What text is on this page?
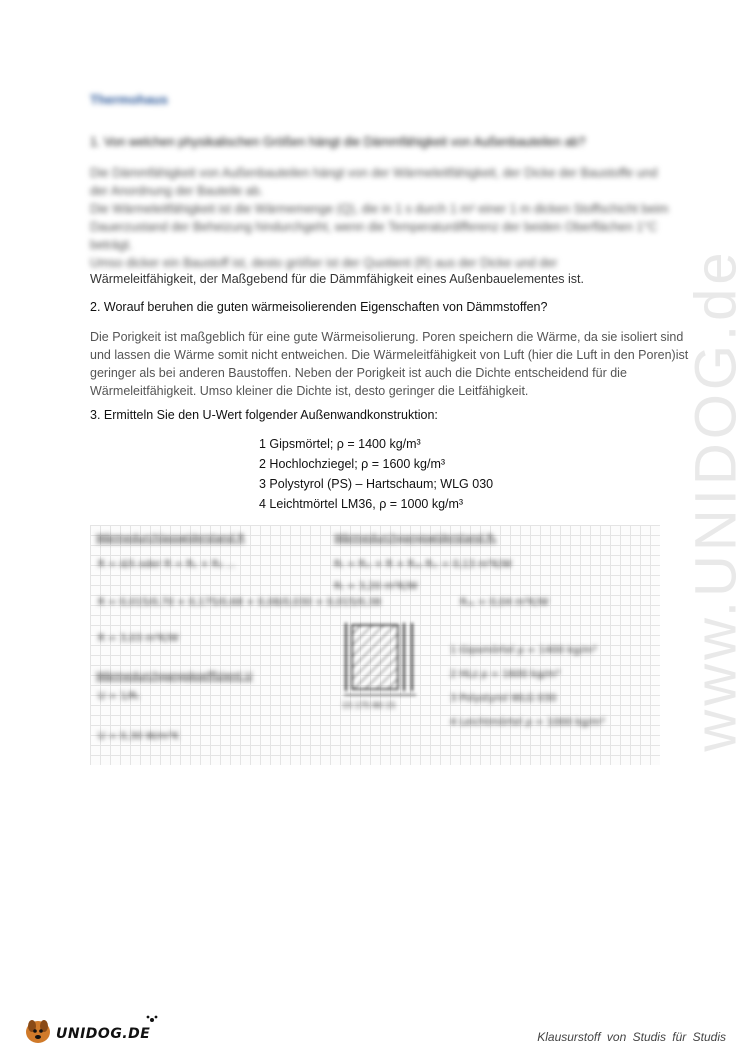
www.UNIDOG.de
Thermohaus
1. Von welchen physikalischen Größen hängt die Dämmfähigkeit von Außenbauteilen ab?

Die Dämmfähigkeit von Außenbauteilen hängt von der Wärmeleitfähigkeit, der Dicke der Baustoffe und der Anordnung der Bauteile ab.

Die Wärmeleitfähigkeit ist die Wärmemenge (Q), die in 1 s durch 1 m² einer 1 m dicken Stoffschicht beim Dauerzustand der Beheizung hindurchgeht, wenn die Temperaturdifferenz der beiden Oberflächen 1°C beträgt.

Umso dicker ein Baustoff ist, desto größer ist der Quotient (R) aus der Dicke und der

Wärmeleitfähigkeit, der Maßgebend für die Dämmfähigkeit eines Außenbauelementes ist.

2. Worauf beruhen die guten wärmeisolierenden Eigenschaften von Dämmstoffen?

Die Porigkeit ist maßgeblich für eine gute Wärmeisolierung. Poren speichern die Wärme, da sie isoliert sind und lassen die Wärme somit nicht entweichen. Die Wärmeleitfähigkeit von Luft (hier die Luft in den Poren)ist geringer als bei anderen Baustoffen. Neben der Porigkeit ist auch die Dichte entscheidend für die Wärmeleitfähigkeit. Umso kleiner die Dichte ist, desto geringer die Leitfähigkeit.

3. Ermitteln Sie den U-Wert folgender Außenwandkonstruktion:
1 Gipsmörtel; ρ = 1400 kg/m³
2 Hochlochziegel; ρ = 1600 kg/m³
3 Polystyrol (PS) – Hartschaum; WLG 030
4 Leichtmörtel LM36, ρ = 1000 kg/m³
Wärmedurchlasswiderstand R
R = d/λ oder R = R₁ + R₂ ...
R = 0,015/0,70 + 0,175/0,68 + 0,08/0,030 + 0,015/0,38
R = 3,03 m²K/W
Wärmedurchgangskoeffizient U
U = 1/Rₜ
U = 0,30 W/m²K
Wärmedurchgangswiderstand Rₜ
Rₜ = Rₛᵢ + R + Rₛₑ Rₛᵢ = 0,13 m²K/W
Rₜ = 3,20 m²K/W
Rₛₑ = 0,04 m²K/W
15 175 80 15
1 Gipsmörtel ρ = 1400 kg/m³
2 HLz ρ = 1600 kg/m³
3 Polystyrol WLG 030
4 Leichtmörtel ρ = 1000 kg/m³
UNIDOG.DE	Klausurstoff von Studis für Studis
